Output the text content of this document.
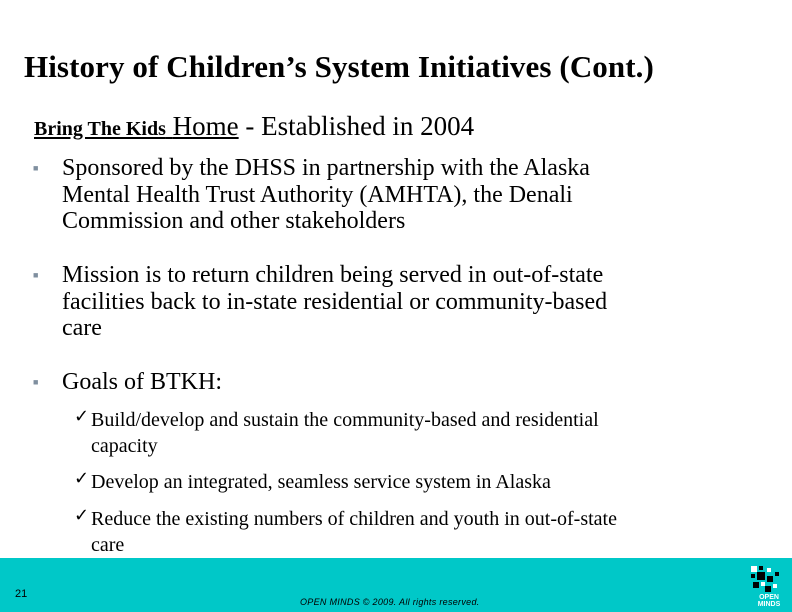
History of Children’s System Initiatives (Cont.)
Bring The Kids Home - Established in 2004
■ Sponsored by the DHSS in partnership with the Alaska
Mental Health Trust Authority (AMHTA), the Denali
Commission and other stakeholders
■ Mission is to return children being served in out-of-state
facilities back to in-state residential or community-based
care
■ Goals of BTKH:
✓ Build/develop and sustain the community-based and residential
capacity
✓ Develop an integrated, seamless service system in Alaska
✓ Reduce the existing numbers of children and youth in out-of-state
care
21
OPEN MINDS © 2009. All rights reserved.	OPEN
MINDS
